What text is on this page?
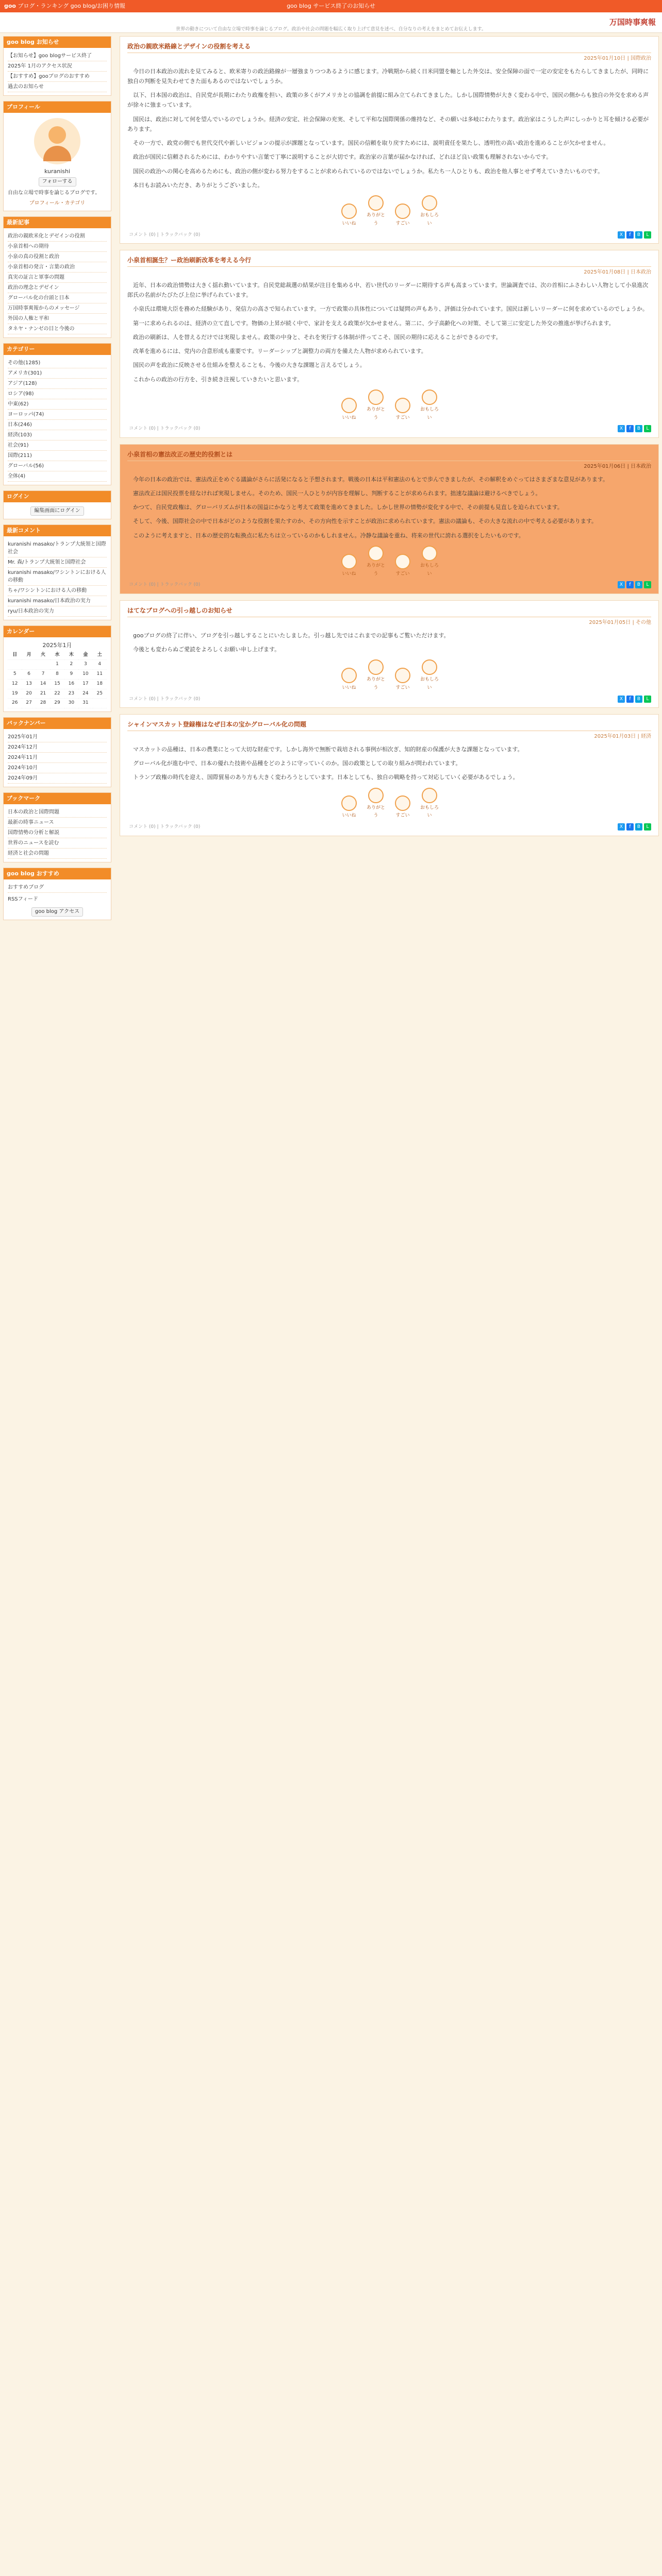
goo ブログ・ランキング goo blog/お困り情報	goo blog サービス終了のお知らせ
万国時事爽報
世界の動きについて自由な立場で時事を論じるブログ。政治や社会の問題を幅広く取り上げて意見を述べ、自分なりの考えをまとめてお伝えします。
goo blog お知らせ
【お知らせ】goo blogサービス終了
2025年 1月のアクセス状況
【おすすめ】gooブログのおすすめ
過去のお知らせ
プロフィール
kuranishi
フォローする
自由な立場で時事を論じるブログです。
プロフィール・カテゴリ
最新記事
政治の親欧米化とデゼインの役割
小泉首相への期待
小泉の真の役割と政治
小泉首相の発言・言葉の政治
真実の証言と軍事の問題
政治の理念とデゼイン
グローバル化の台頭と日本
万国時事爽報からのメッセージ
外国の人権と平和
タネヤ・ナンゼの目と今後の
カテゴリー
その他(1285)
アメリカ(301)
アジア(128)
ロシア(98)
中東(62)
ヨーロッパ(74)
日本(246)
経済(103)
社会(91)
国際(211)
グローバル(56)
全体(4)
ログイン
編集画面にログイン
最新コメント
kuranishi masako/トランプ大統領と国際社会
Mr. 森/トランプ大統領と国際社会
kuranishi masako/ワシントンにおける人の移動
ちゃ/ワシントンにおける人の移動
kuranishi masako/日本政治の実力
ryu/日本政治の実力
カレンダー
2025年1月
日	月	火	水	木	金	土
			1	2	3	4
5	6	7	8	9	10	11
12	13	14	15	16	17	18
19	20	21	22	23	24	25
26	27	28	29	30	31	
バックナンバー
2025年01月
2024年12月
2024年11月
2024年10月
2024年09月
ブックマーク
日本の政治と国際問題
最新の時事ニュース
国際情勢の分析と解説
世界のニュースを読む
経済と社会の問題
goo blog おすすめ
おすすめブログ
RSSフィード
goo blog アクセス
政治の親欧米路線とデザインの役割を考える
2025年01月10日 | 国際政治

今日の日本政治の流れを見てみると、欧米寄りの政治路線が一層強まりつつあるように感じます。冷戦期から続く日米同盟を軸とした外交は、安全保障の面で一定の安定をもたらしてきましたが、同時に独自の判断を見失わせてきた面もあるのではないでしょうか。

以下、日本国の政治は、自民党が長期にわたり政権を担い、政策の多くがアメリカとの協調を前提に組み立てられてきました。しかし国際情勢が大きく変わる中で、国民の側からも独自の外交を求める声が徐々に強まっています。

国民は、政治に対して何を望んでいるのでしょうか。経済の安定、社会保障の充実、そして平和な国際関係の維持など、その願いは多岐にわたります。政治家はこうした声にしっかりと耳を傾ける必要があります。

その一方で、政党の側でも世代交代や新しいビジョンの提示が課題となっています。国民の信頼を取り戻すためには、説明責任を果たし、透明性の高い政治を進めることが欠かせません。

政治が国民に信頼されるためには、わかりやすい言葉で丁寧に説明することが大切です。政治家の言葉が届かなければ、どれほど良い政策も理解されないからです。

国民の政治への関心を高めるためにも、政治の側が変わる努力をすることが求められているのではないでしょうか。私たち一人ひとりも、政治を他人事とせず考えていきたいものです。

本日もお読みいただき、ありがとうございました。

いいね
ありがとう	すごい
おもしろい
コメント (0) | トラックバック (0)	X f B L
小泉首相誕生？ー政治刷新改革を考える今行
2025年01月08日 | 日本政治

近年、日本の政治情勢は大きく揺れ動いています。自民党総裁選の結果が注目を集める中、若い世代のリーダーに期待する声も高まっています。世論調査では、次の首相にふさわしい人物として小泉進次郎氏の名前がたびたび上位に挙げられています。

小泉氏は環境大臣を務めた経験があり、発信力の高さで知られています。一方で政策の具体性については疑問の声もあり、評価は分かれています。国民は新しいリーダーに何を求めているのでしょうか。

第一に求められるのは、経済の立て直しです。物価の上昇が続く中で、家計を支える政策が欠かせません。第二に、少子高齢化への対策、そして第三に安定した外交の推進が挙げられます。

政治の刷新は、人を替えるだけでは実現しません。政策の中身と、それを実行する体制が伴ってこそ、国民の期待に応えることができるのです。

改革を進めるには、党内の合意形成も重要です。リーダーシップと調整力の両方を備えた人物が求められています。

国民の声を政治に反映させる仕組みを整えることも、今後の大きな課題と言えるでしょう。

これからの政治の行方を、引き続き注視していきたいと思います。

いいね
ありがとう	すごい
おもしろい
コメント (0) | トラックバック (0)	X f B L
小泉首相の憲法改正の歴史的役割とは
2025年01月06日 | 日本政治

今年の日本の政治では、憲法改正をめぐる議論がさらに活発になると予想されます。戦後の日本は平和憲法のもとで歩んできましたが、その解釈をめぐってはさまざまな意見があります。

憲法改正は国民投票を経なければ実現しません。そのため、国民一人ひとりが内容を理解し、判断することが求められます。拙速な議論は避けるべきでしょう。

かつて、自民党政権は、グローバリズムが日本の国益にかなうと考えて政策を進めてきました。しかし世界の情勢が変化する中で、その前提も見直しを迫られています。

そして、今後、国際社会の中で日本がどのような役割を果たすのか、その方向性を示すことが政治に求められています。憲法の議論も、その大きな流れの中で考える必要があります。

このように考えますと、日本の歴史的な転換点に私たちは立っているのかもしれません。冷静な議論を重ね、将来の世代に誇れる選択をしたいものです。

いいね
ありがとう	すごい
おもしろい
コメント (0) | トラックバック (0)	X f B L
はてなブログへの引っ越しのお知らせ
2025年01月05日 | その他

gooブログの終了に伴い、ブログを引っ越しすることにいたしました。引っ越し先ではこれまでの記事もご覧いただけます。

今後とも変わらぬご愛読をよろしくお願い申し上げます。

いいね
ありがとう	すごい
おもしろい
コメント (0) | トラックバック (0)	X f B L
シャインマスカット登録権はなぜ日本の宝かグローバル化の問題
2025年01月03日 | 経済

マスカットの品種は、日本の農業にとって大切な財産です。しかし海外で無断で栽培される事例が相次ぎ、知的財産の保護が大きな課題となっています。

グローバル化が進む中で、日本の優れた技術や品種をどのように守っていくのか。国の政策としての取り組みが問われています。

トランプ政権の時代を迎え、国際貿易のあり方も大きく変わろうとしています。日本としても、独自の戦略を持って対応していく必要があるでしょう。

いいね
ありがとう	すごい
おもしろい
コメント (0) | トラックバック (0)	X f B L
